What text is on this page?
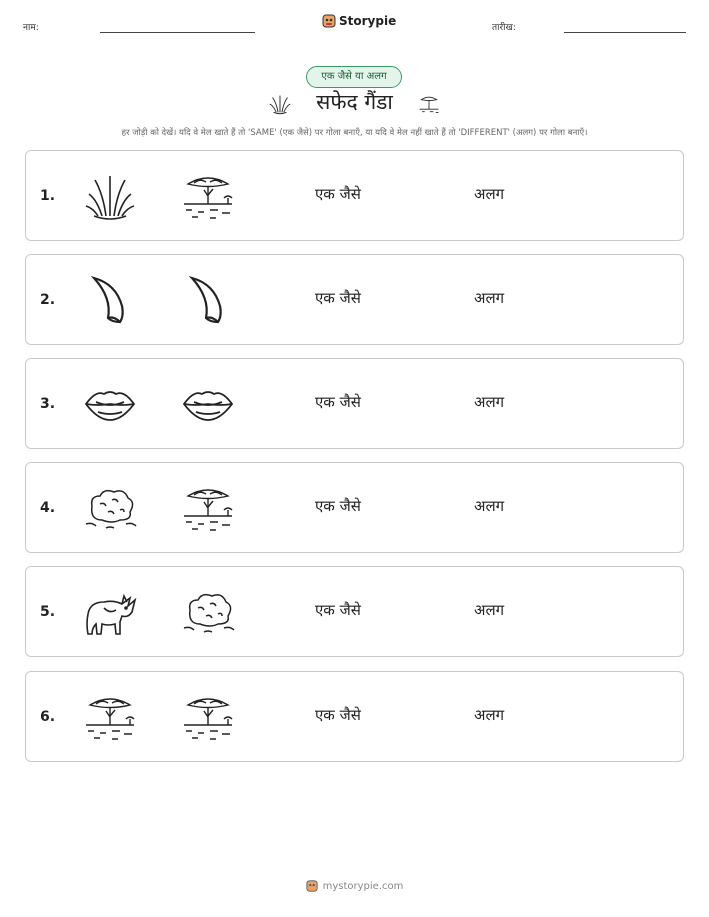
नाम:	Storypie	तारीख:
एक जैसे या अलग
सफेद गैंडा
हर जोड़ी को देखें। यदि वे मेल खाते हैं तो 'SAME' (एक जैसे) पर गोला बनाएँ, या यदि वे मेल नहीं खाते हैं तो 'DIFFERENT' (अलग) पर गोला बनाएँ।
1.	एक जैसे	अलग
2.	एक जैसे	अलग
3.	एक जैसे	अलग
4.	एक जैसे	अलग
5.	एक जैसे	अलग
6.	एक जैसे	अलग
mystorypie.com
